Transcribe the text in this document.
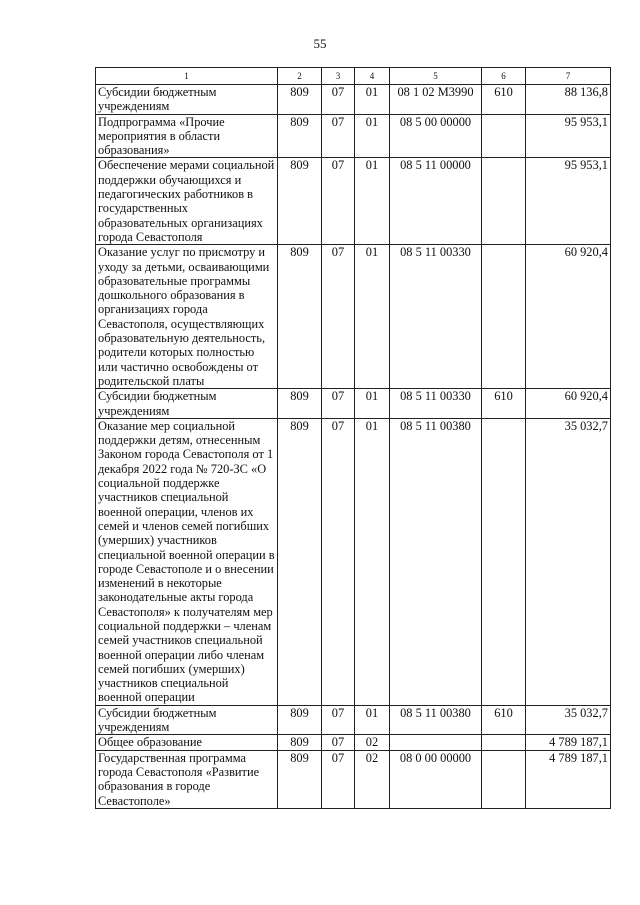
55
1	2	3	4	5	6	7
Субсидии бюджетным учреждениям	809	07	01	08 1 02 М3990	610	88 136,8
Подпрограмма «Прочие мероприятия в области образования»	809	07	01	08 5 00 00000		95 953,1
Обеспечение мерами социальной поддержки обучающихся и педагогических работников в государственных образовательных организациях города Севастополя	809	07	01	08 5 11 00000		95 953,1
Оказание услуг по присмотру и уходу за детьми, осваивающими образовательные программы дошкольного образования в организациях города Севастополя, осуществляющих образовательную деятельность, родители которых полностью или частично освобождены от родительской платы	809	07	01	08 5 11 00330		60 920,4
Субсидии бюджетным учреждениям	809	07	01	08 5 11 00330	610	60 920,4
Оказание мер социальной поддержки детям, отнесенным Законом города Севастополя от 1 декабря 2022 года № 720-ЗС «О социальной поддержке участников специальной военной операции, членов их семей и членов семей погибших (умерших) участников специальной военной операции в городе Севастополе и о внесении изменений в некоторые законодательные акты города Севастополя» к получателям мер социальной поддержки – членам семей участников специальной военной операции либо членам семей погибших (умерших) участников специальной военной операции	809	07	01	08 5 11 00380		35 032,7
Субсидии бюджетным учреждениям	809	07	01	08 5 11 00380	610	35 032,7
Общее образование	809	07	02			4 789 187,1
Государственная программа города Севастополя «Развитие образования в городе Севастополе»	809	07	02	08 0 00 00000		4 789 187,1
